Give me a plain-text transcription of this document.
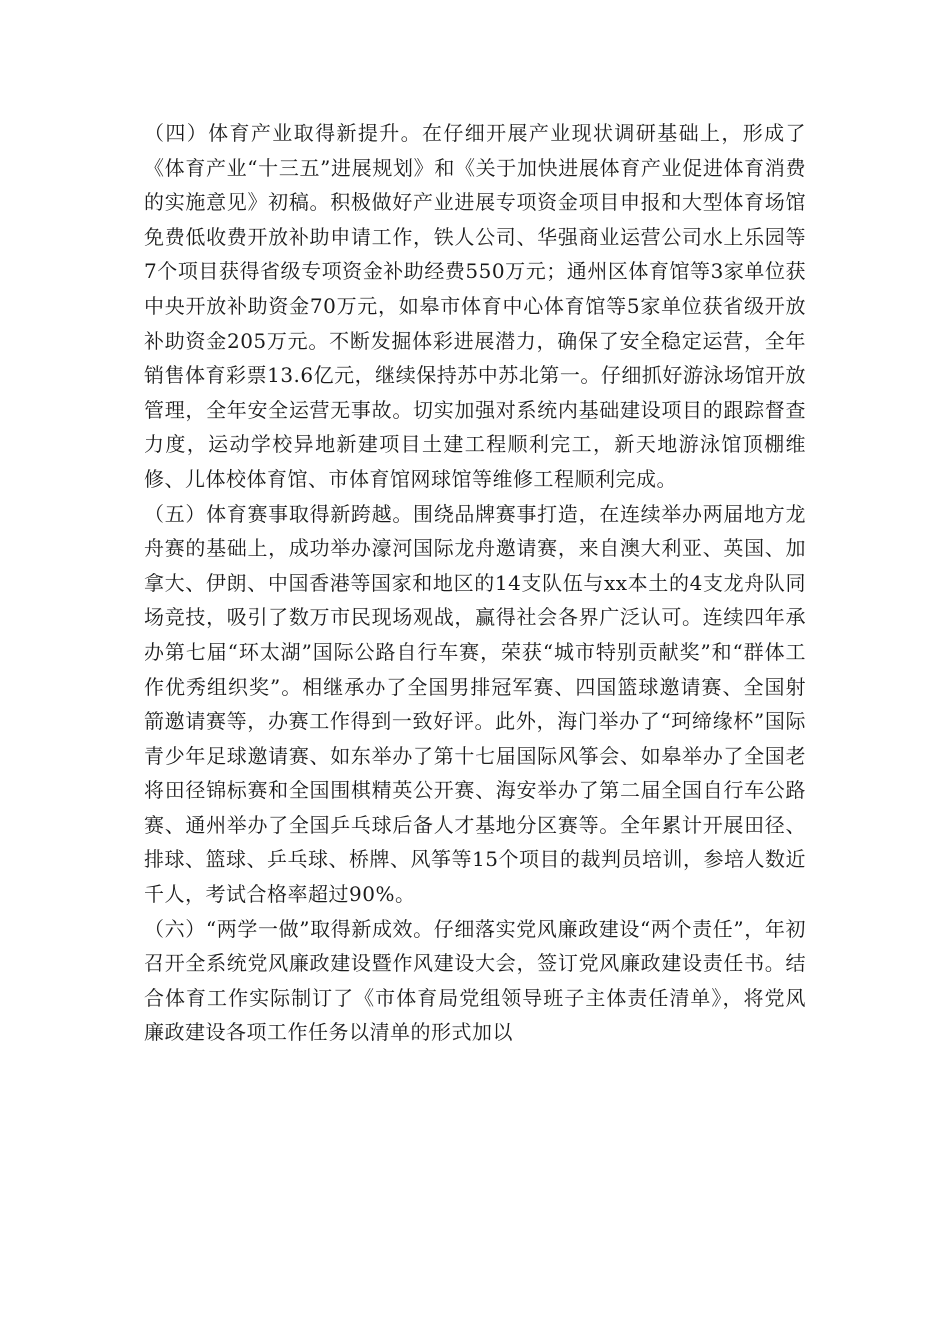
（四）体育产业取得新提升。在仔细开展产业现状调研基础上，形成了《体育产业“十三五”进展规划》和《关于加快进展体育产业促进体育消费的实施意见》初稿。积极做好产业进展专项资金项目申报和大型体育场馆免费低收费开放补助申请工作，铁人公司、华强商业运营公司水上乐园等7个项目获得省级专项资金补助经费550万元；通州区体育馆等3家单位获中央开放补助资金70万元，如皋市体育中心体育馆等5家单位获省级开放补助资金205万元。不断发掘体彩进展潜力，确保了安全稳定运营，全年销售体育彩票13.6亿元，继续保持苏中苏北第一。仔细抓好游泳场馆开放管理，全年安全运营无事故。切实加强对系统内基础建设项目的跟踪督查力度，运动学校异地新建项目土建工程顺利完工，新天地游泳馆顶棚维修、儿体校体育馆、市体育馆网球馆等维修工程顺利完成。

（五）体育赛事取得新跨越。围绕品牌赛事打造，在连续举办两届地方龙舟赛的基础上，成功举办濠河国际龙舟邀请赛，来自澳大利亚、英国、加拿大、伊朗、中国香港等国家和地区的14支队伍与xx本土的4支龙舟队同场竞技，吸引了数万市民现场观战，赢得社会各界广泛认可。连续四年承办第七届“环太湖”国际公路自行车赛，荣获“城市特别贡献奖”和“群体工作优秀组织奖”。相继承办了全国男排冠军赛、四国篮球邀请赛、全国射箭邀请赛等，办赛工作得到一致好评。此外，海门举办了“珂缔缘杯”国际青少年足球邀请赛、如东举办了第十七届国际风筝会、如皋举办了全国老将田径锦标赛和全国围棋精英公开赛、海安举办了第二届全国自行车公路赛、通州举办了全国乒乓球后备人才基地分区赛等。全年累计开展田径、排球、篮球、乒乓球、桥牌、风筝等15个项目的裁判员培训，参培人数近千人，考试合格率超过90%。

（六）“两学一做”取得新成效。仔细落实党风廉政建设“两个责任”，年初召开全系统党风廉政建设暨作风建设大会，签订党风廉政建设责任书。结合体育工作实际制订了《市体育局党组领导班子主体责任清单》，将党风廉政建设各项工作任务以清单的形式加以
